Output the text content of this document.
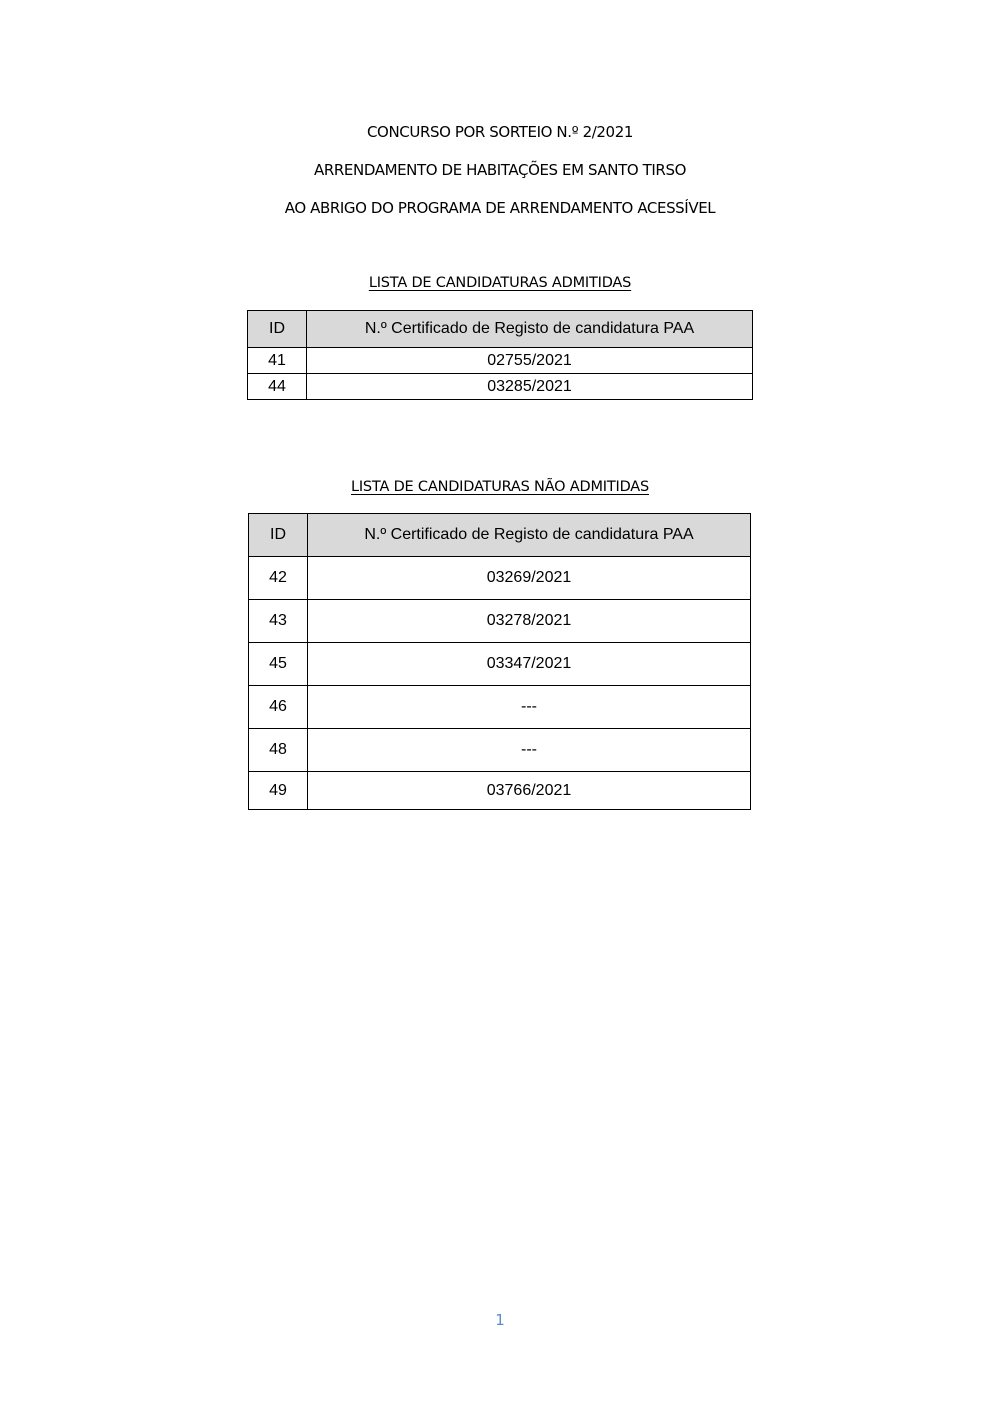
CONCURSO POR SORTEIO N.º 2/2021
ARRENDAMENTO DE HABITAÇÕES EM SANTO TIRSO
AO ABRIGO DO PROGRAMA DE ARRENDAMENTO ACESSÍVEL
LISTA DE CANDIDATURAS ADMITIDAS
ID	N.º Certificado de Registo de candidatura PAA
41	02755/2021
44	03285/2021
LISTA DE CANDIDATURAS NÃO ADMITIDAS
ID	N.º Certificado de Registo de candidatura PAA
42	03269/2021
43	03278/2021
45	03347/2021
46	---
48	---
49	03766/2021
1
